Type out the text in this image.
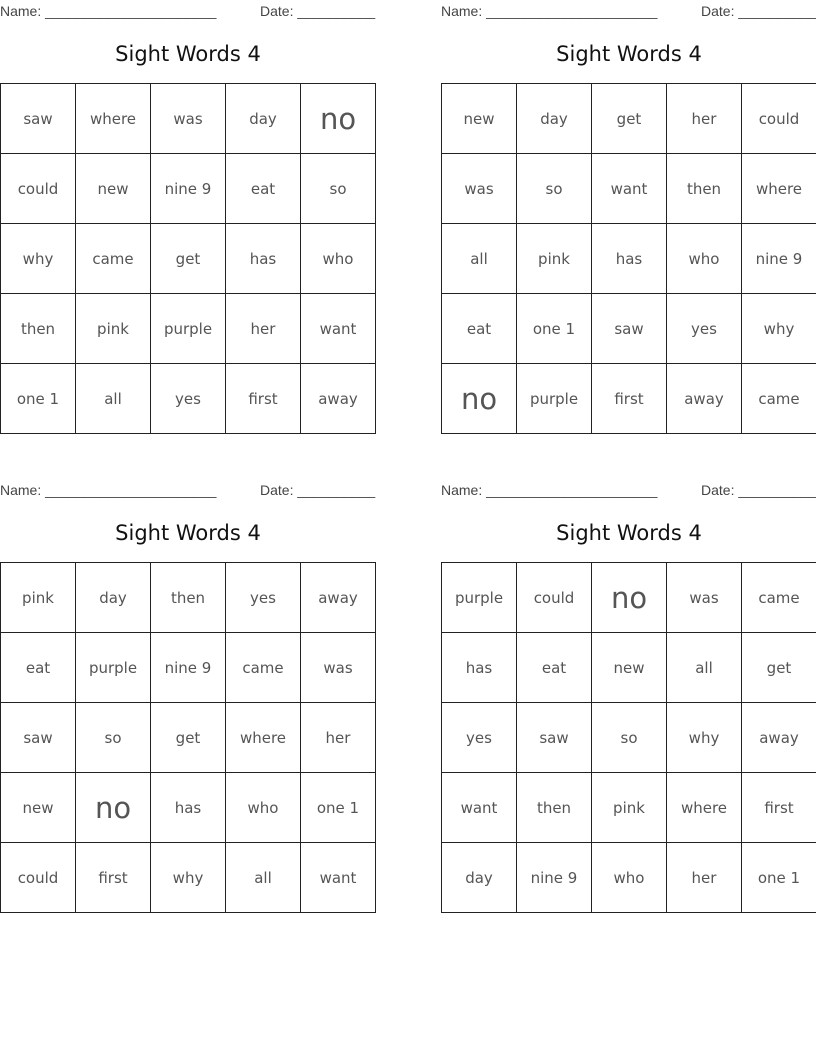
Name: ______________________	Date: __________
Sight Words 4
saw	where	was	day	no
could	new	nine 9	eat	so
why	came	get	has	who
then	pink	purple	her	want
one 1	all	yes	first	away
Name: ______________________	Date: __________
Sight Words 4
new	day	get	her	could
was	so	want	then	where
all	pink	has	who	nine 9
eat	one 1	saw	yes	why
no	purple	first	away	came
Name: ______________________	Date: __________
Sight Words 4
pink	day	then	yes	away
eat	purple	nine 9	came	was
saw	so	get	where	her
new	no	has	who	one 1
could	first	why	all	want
Name: ______________________	Date: __________
Sight Words 4
purple	could	no	was	came
has	eat	new	all	get
yes	saw	so	why	away
want	then	pink	where	first
day	nine 9	who	her	one 1
